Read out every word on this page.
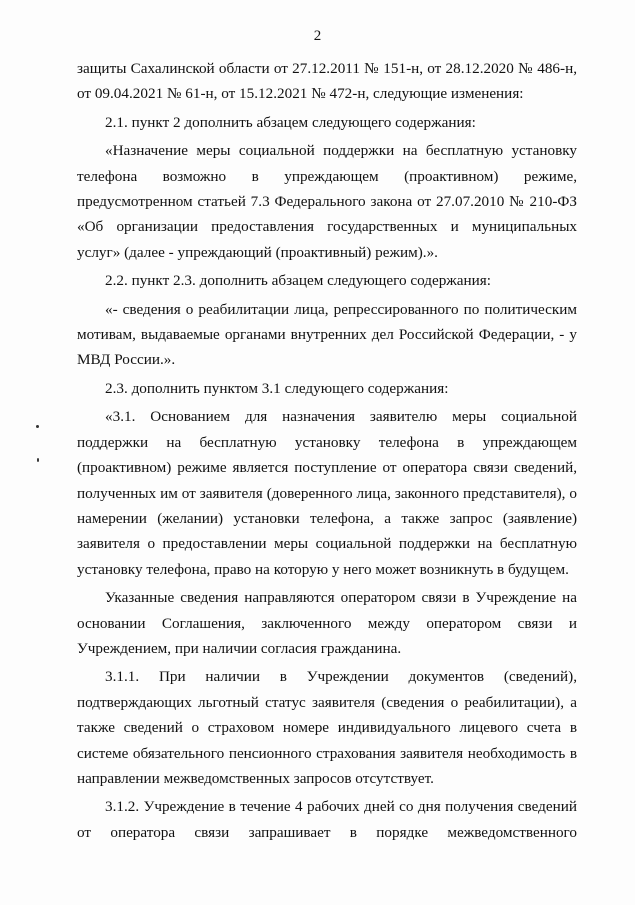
2

защиты Сахалинской области от 27.12.2011 № 151-н, от 28.12.2020 № 486-н, от 09.04.2021 № 61-н, от 15.12.2021 № 472-н, следующие изменения:

2.1. пункт 2 дополнить абзацем следующего содержания:

«Назначение меры социальной поддержки на бесплатную установку телефона возможно в упреждающем (проактивном) режиме, предусмотренном статьей 7.3 Федерального закона от 27.07.2010 № 210-ФЗ «Об организации предоставления государственных и муниципальных услуг» (далее - упреждающий (проактивный) режим).».

2.2. пункт 2.3. дополнить абзацем следующего содержания:

«- сведения о реабилитации лица, репрессированного по политическим мотивам, выдаваемые органами внутренних дел Российской Федерации, - у МВД России.».

2.3. дополнить пунктом 3.1 следующего содержания:

«3.1. Основанием для назначения заявителю меры социальной поддержки на бесплатную установку телефона в упреждающем (проактивном) режиме является поступление от оператора связи сведений, полученных им от заявителя (доверенного лица, законного представителя), о намерении (желании) установки телефона, а также запрос (заявление) заявителя о предоставлении меры социальной поддержки на бесплатную установку телефона, право на которую у него может возникнуть в будущем.

Указанные сведения направляются оператором связи в Учреждение на основании Соглашения, заключенного между оператором связи и Учреждением, при наличии согласия гражданина.

3.1.1. При наличии в Учреждении документов (сведений), подтверждающих льготный статус заявителя (сведения о реабилитации), а также сведений о страховом номере индивидуального лицевого счета в системе обязательного пенсионного страхования заявителя необходимость в направлении межведомственных запросов отсутствует.

3.1.2. Учреждение в течение 4 рабочих дней со дня получения сведений от оператора связи запрашивает в порядке межведомственного
